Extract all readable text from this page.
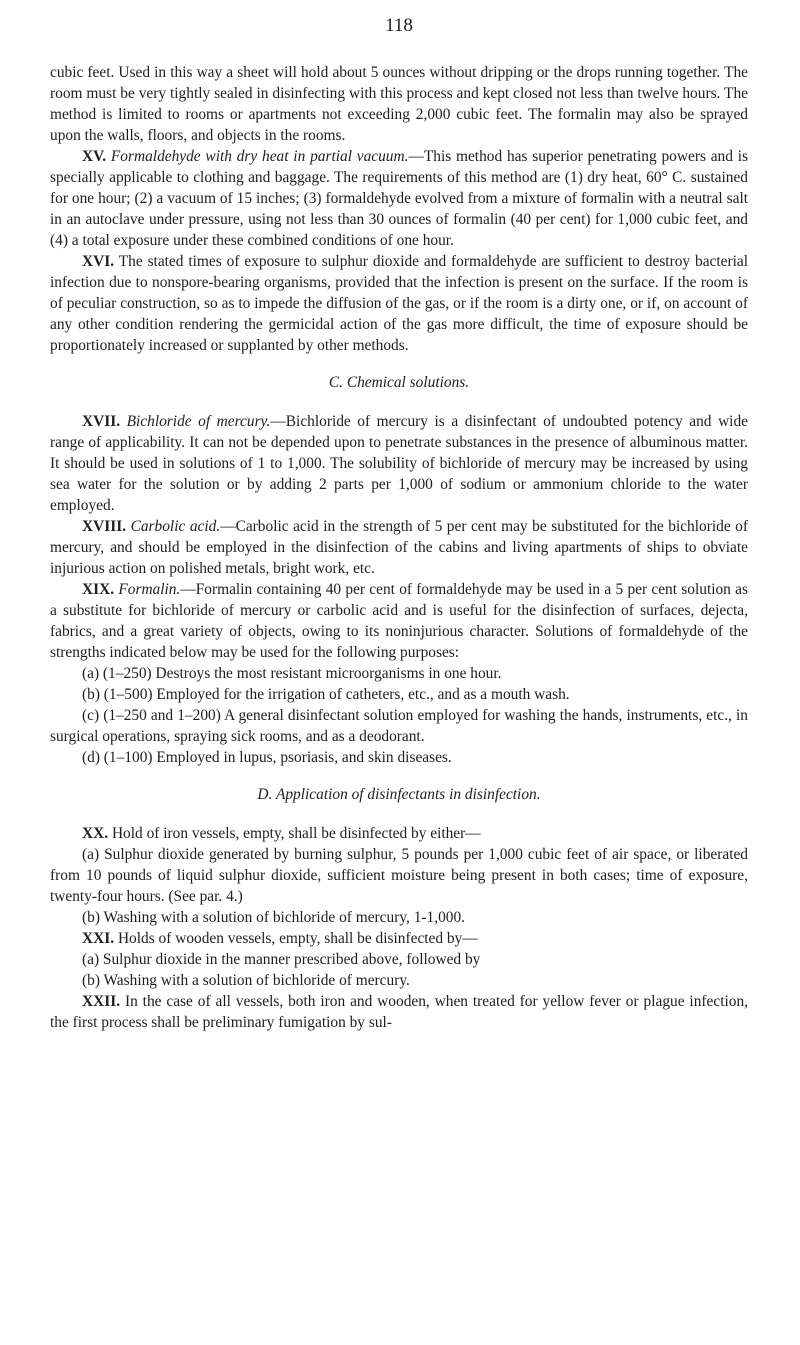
118

cubic feet. Used in this way a sheet will hold about 5 ounces without dripping or the drops running together. The room must be very tightly sealed in disinfecting with this process and kept closed not less than twelve hours. The method is limited to rooms or apartments not exceeding 2,000 cubic feet. The formalin may also be sprayed upon the walls, floors, and objects in the rooms.

XV. Formaldehyde with dry heat in partial vacuum.—This method has superior penetrating powers and is specially applicable to clothing and baggage. The requirements of this method are (1) dry heat, 60° C. sustained for one hour; (2) a vacuum of 15 inches; (3) formaldehyde evolved from a mixture of formalin with a neutral salt in an autoclave under pressure, using not less than 30 ounces of formalin (40 per cent) for 1,000 cubic feet, and (4) a total exposure under these combined conditions of one hour.

XVI. The stated times of exposure to sulphur dioxide and formaldehyde are sufficient to destroy bacterial infection due to nonspore-bearing organisms, provided that the infection is present on the surface. If the room is of peculiar construction, so as to impede the diffusion of the gas, or if the room is a dirty one, or if, on account of any other condition rendering the germicidal action of the gas more difficult, the time of exposure should be proportionately increased or supplanted by other methods.

C. Chemical solutions.

XVII. Bichloride of mercury.—Bichloride of mercury is a disinfectant of undoubted potency and wide range of applicability. It can not be depended upon to penetrate substances in the presence of albuminous matter. It should be used in solutions of 1 to 1,000. The solubility of bichloride of mercury may be increased by using sea water for the solution or by adding 2 parts per 1,000 of sodium or ammonium chloride to the water employed.

XVIII. Carbolic acid.—Carbolic acid in the strength of 5 per cent may be substituted for the bichloride of mercury, and should be employed in the disinfection of the cabins and living apartments of ships to obviate injurious action on polished metals, bright work, etc.

XIX. Formalin.—Formalin containing 40 per cent of formaldehyde may be used in a 5 per cent solution as a substitute for bichloride of mercury or carbolic acid and is useful for the disinfection of surfaces, dejecta, fabrics, and a great variety of objects, owing to its noninjurious character. Solutions of formaldehyde of the strengths indicated below may be used for the following purposes:

(a) (1–250) Destroys the most resistant microorganisms in one hour.

(b) (1–500) Employed for the irrigation of catheters, etc., and as a mouth wash.

(c) (1–250 and 1–200) A general disinfectant solution employed for washing the hands, instruments, etc., in surgical operations, spraying sick rooms, and as a deodorant.

(d) (1–100) Employed in lupus, psoriasis, and skin diseases.

D. Application of disinfectants in disinfection.

XX. Hold of iron vessels, empty, shall be disinfected by either—

(a) Sulphur dioxide generated by burning sulphur, 5 pounds per 1,000 cubic feet of air space, or liberated from 10 pounds of liquid sulphur dioxide, sufficient moisture being present in both cases; time of exposure, twenty-four hours. (See par. 4.)

(b) Washing with a solution of bichloride of mercury, 1-1,000.

XXI. Holds of wooden vessels, empty, shall be disinfected by—

(a) Sulphur dioxide in the manner prescribed above, followed by

(b) Washing with a solution of bichloride of mercury.

XXII. In the case of all vessels, both iron and wooden, when treated for yellow fever or plague infection, the first process shall be preliminary fumigation by sul-
